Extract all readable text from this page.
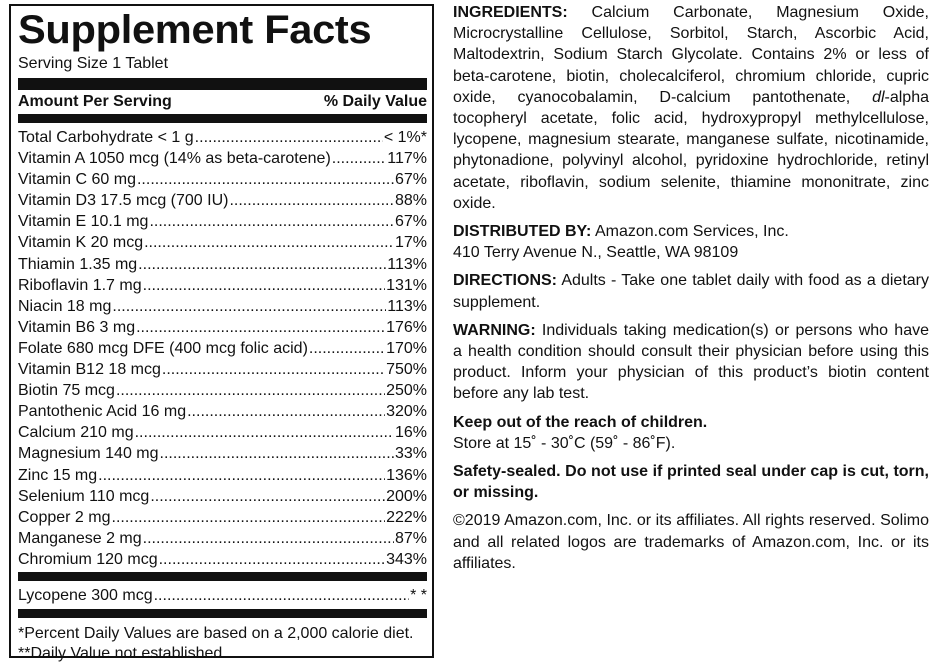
Supplement Facts
Serving Size 1 Tablet
Amount Per Serving	% Daily Value
Total Carbohydrate < 1 g .....	< 1%*
Vitamin A 1050 mcg (14% as beta-carotene) .....	117%
Vitamin C 60 mg .....	67%
Vitamin D3 17.5 mcg (700 IU) .....	88%
Vitamin E 10.1 mg .....	67%
Vitamin K 20 mcg .....	17%
Thiamin 1.35 mg .....	113%
Riboflavin 1.7 mg .....	131%
Niacin 18 mg .....	113%
Vitamin B6 3 mg .....	176%
Folate 680 mcg DFE (400 mcg folic acid) .....	170%
Vitamin B12 18 mcg .....	750%
Biotin 75 mcg .....	250%
Pantothenic Acid 16 mg .....	320%
Calcium 210 mg .....	16%
Magnesium 140 mg .....	33%
Zinc 15 mg .....	136%
Selenium 110 mcg .....	200%
Copper 2 mg .....	222%
Manganese 2 mg .....	87%
Chromium 120 mcg .....	343%
Lycopene 300 mcg .....	* *
*Percent Daily Values are based on a 2,000 calorie diet.
**Daily Value not established.

INGREDIENTS: Calcium Carbonate, Magnesium Oxide, Microcrystalline Cellulose, Sorbitol, Starch, Ascorbic Acid, Maltodextrin, Sodium Starch Glycolate. Contains 2% or less of beta-carotene, biotin, cholecalciferol, chromium chloride, cupric oxide, cyanocobalamin, D-calcium pantothenate, dl-alpha tocopheryl acetate, folic acid, hydroxypropyl methylcellulose, lycopene, magnesium stearate, manganese sulfate, nicotinamide, phytonadione, polyvinyl alcohol, pyridoxine hydrochloride, retinyl acetate, riboflavin, sodium selenite, thiamine mononitrate, zinc oxide.

DISTRIBUTED BY: Amazon.com Services, Inc.
410 Terry Avenue N., Seattle, WA 98109

DIRECTIONS: Adults - Take one tablet daily with food as a dietary supplement.

WARNING: Individuals taking medication(s) or persons who have a health condition should consult their physician before using this product. Inform your physician of this product’s biotin content before any lab test.

Keep out of the reach of children.
Store at 15˚ - 30˚C (59˚ - 86˚F).

Safety-sealed. Do not use if printed seal under cap is cut, torn, or missing.

©2019 Amazon.com, Inc. or its affiliates. All rights reserved. Solimo and all related logos are trademarks of Amazon.com, Inc. or its affiliates.
